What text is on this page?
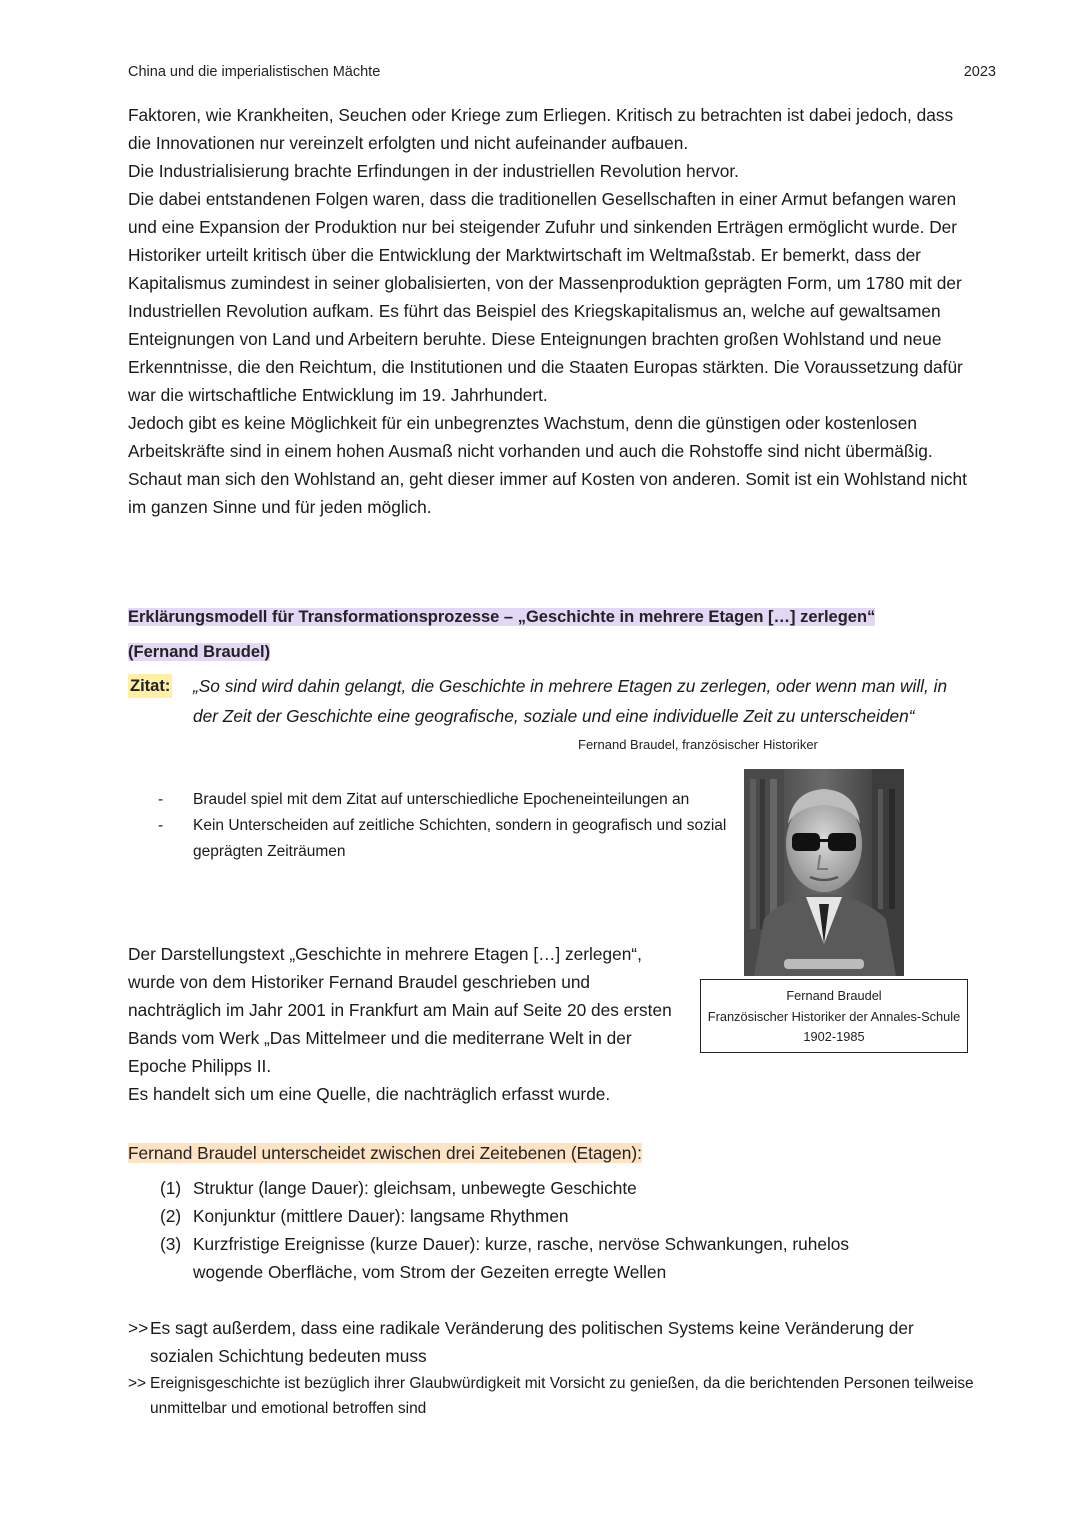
China und die imperialistischen Mächte	2023

Faktoren, wie Krankheiten, Seuchen oder Kriege zum Erliegen. Kritisch zu betrachten ist dabei jedoch, dass die Innovationen nur vereinzelt erfolgten und nicht aufeinander aufbauen.

Die Industrialisierung brachte Erfindungen in der industriellen Revolution hervor.

Die dabei entstandenen Folgen waren, dass die traditionellen Gesellschaften in einer Armut befangen waren und eine Expansion der Produktion nur bei steigender Zufuhr und sinkenden Erträgen ermöglicht wurde. Der Historiker urteilt kritisch über die Entwicklung der Marktwirtschaft im Weltmaßstab. Er bemerkt, dass der Kapitalismus zumindest in seiner globalisierten, von der Massenproduktion geprägten Form, um 1780 mit der Industriellen Revolution aufkam. Es führt das Beispiel des Kriegskapitalismus an, welche auf gewaltsamen Enteignungen von Land und Arbeitern beruhte. Diese Enteignungen brachten großen Wohlstand und neue Erkenntnisse, die den Reichtum, die Institutionen und die Staaten Europas stärkten. Die Voraussetzung dafür war die wirtschaftliche Entwicklung im 19. Jahrhundert.

Jedoch gibt es keine Möglichkeit für ein unbegrenztes Wachstum, denn die günstigen oder kostenlosen Arbeitskräfte sind in einem hohen Ausmaß nicht vorhanden und auch die Rohstoffe sind nicht übermäßig. Schaut man sich den Wohlstand an, geht dieser immer auf Kosten von anderen. Somit ist ein Wohlstand nicht im ganzen Sinne und für jeden möglich.

Erklärungsmodell für Transformationsprozesse – „Geschichte in mehrere Etagen […] zerlegen“ (Fernand Braudel)
Zitat: „So sind wird dahin gelangt, die Geschichte in mehrere Etagen zu zerlegen, oder wenn man will, in der Zeit der Geschichte eine geografische, soziale und eine individuelle Zeit zu unterscheiden“
Fernand Braudel, französischer Historiker
- Braudel spiel mit dem Zitat auf unterschiedliche Epocheneinteilungen an
- Kein Unterscheiden auf zeitliche Schichten, sondern in geografisch und sozial geprägten Zeiträumen
Fernand Braudel
Französischer Historiker der Annales-Schule 1902-1985

Der Darstellungstext „Geschichte in mehrere Etagen […] zerlegen“, wurde von dem Historiker Fernand Braudel geschrieben und nachträglich im Jahr 2001 in Frankfurt am Main auf Seite 20 des ersten Bands vom Werk „Das Mittelmeer und die mediterrane Welt in der Epoche Philipps II.

Es handelt sich um eine Quelle, die nachträglich erfasst wurde.

Fernand Braudel unterscheidet zwischen drei Zeitebenen (Etagen):
(1) Struktur (lange Dauer): gleichsam, unbewegte Geschichte
(2) Konjunktur (mittlere Dauer): langsame Rhythmen
(3) Kurzfristige Ereignisse (kurze Dauer): kurze, rasche, nervöse Schwankungen, ruhelos wogende Oberfläche, vom Strom der Gezeiten erregte Wellen
>> Es sagt außerdem, dass eine radikale Veränderung des politischen Systems keine Veränderung der sozialen Schichtung bedeuten muss
>> Ereignisgeschichte ist bezüglich ihrer Glaubwürdigkeit mit Vorsicht zu genießen, da die berichtenden Personen teilweise unmittelbar und emotional betroffen sind
